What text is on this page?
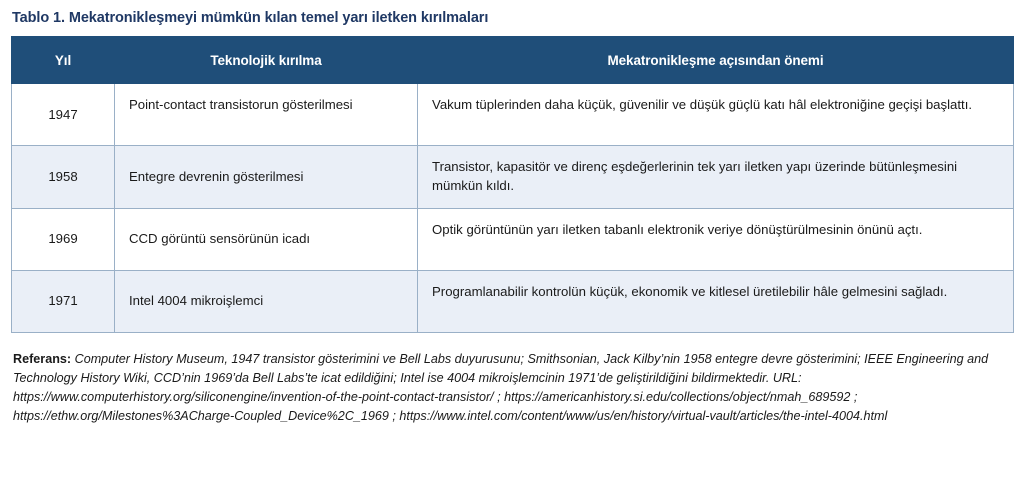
Tablo 1. Mekatronikleşmeyi mümkün kılan temel yarı iletken kırılmaları
Yıl	Teknolojik kırılma	Mekatronikleşme açısından önemi
1947	Point-contact transistorun gösterilmesi	Vakum tüplerinden daha küçük, güvenilir ve düşük güçlü katı hâl elektroniğine geçişi başlattı.
1958	Entegre devrenin gösterilmesi	Transistor, kapasitör ve direnç eşdeğerlerinin tek yarı iletken yapı üzerinde bütünleşmesini mümkün kıldı.
1969	CCD görüntü sensörünün icadı	Optik görüntünün yarı iletken tabanlı elektronik veriye dönüştürülmesinin önünü açtı.
1971	Intel 4004 mikroişlemci	Programlanabilir kontrolün küçük, ekonomik ve kitlesel üretilebilir hâle gelmesini sağladı.

Referans: Computer History Museum, 1947 transistor gösterimini ve Bell Labs duyurusunu; Smithsonian, Jack Kilby’nin 1958 entegre devre gösterimini; IEEE Engineering and Technology History Wiki, CCD’nin 1969’da Bell Labs’te icat edildiğini; Intel ise 4004 mikroişlemcinin 1971’de geliştirildiğini bildirmektedir. URL: https://www.computerhistory.org/siliconengine/invention-of-the-point-contact-transistor/ ; https://americanhistory.si.edu/collections/object/nmah_689592 ; https://ethw.org/Milestones%3ACharge-Coupled_Device%2C_1969 ; https://www.intel.com/content/www/us/en/history/virtual-vault/articles/the-intel-4004.html
